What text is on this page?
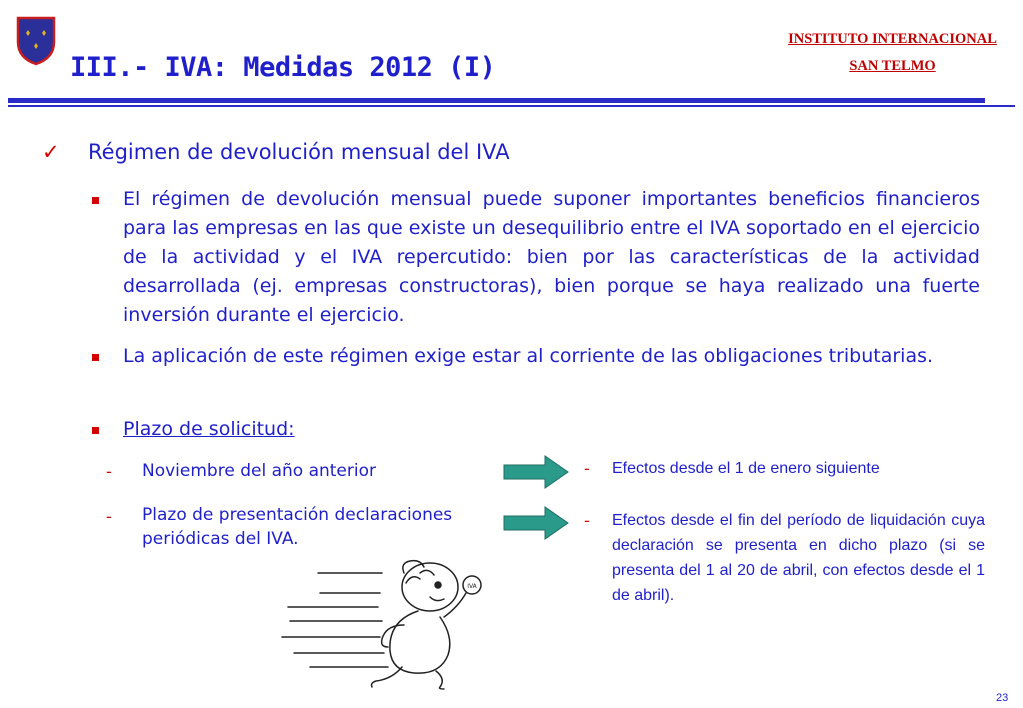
III.- IVA: Medidas 2012 (I)
INSTITUTO INTERNACIONAL
SAN TELMO
✓ Régimen de devolución mensual del IVA
El régimen de devolución mensual puede suponer importantes beneficios financieros para las empresas en las que existe un desequilibrio entre el IVA soportado en el ejercicio de la actividad y el IVA repercutido: bien por las características de la actividad desarrollada (ej. empresas constructoras), bien porque se haya realizado una fuerte inversión durante el ejercicio.
La aplicación de este régimen exige estar al corriente de las obligaciones tributarias.
Plazo de solicitud:
- Noviembre del año anterior
- Plazo de presentación declaraciones periódicas del IVA.
- Efectos desde el 1 de enero siguiente
- Efectos desde el fin del período de liquidación cuya declaración se presenta en dicho plazo (si se presenta del 1 al 20 de abril, con efectos desde el 1 de abril).
IVA
23
